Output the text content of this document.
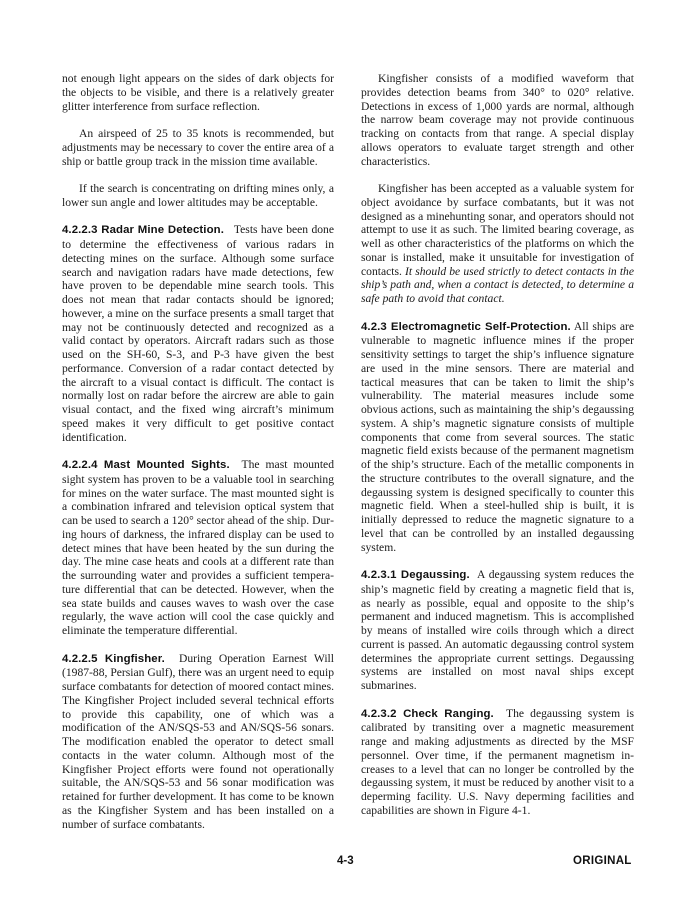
not enough light appears on the sides of dark objects for the objects to be visible, and there is a relatively greater glitter interference from surface reflection.

An airspeed of 25 to 35 knots is recommended, but adjustments may be necessary to cover the entire area of a ship or battle group track in the mission time available.

If the search is concentrating on drifting mines only, a lower sun angle and lower altitudes may be acceptable.

4.2.2.3 Radar Mine Detection. Tests have been done to determine the effectiveness of various radars in detecting mines on the surface. Although some surface search and navigation radars have made detections, few have proven to be dependable mine search tools. This does not mean that radar contacts should be ignored; however, a mine on the surface presents a small target that may not be continuously detected and recognized as a valid contact by operators. Aircraft radars such as those used on the SH-60, S-3, and P-3 have given the best performance. Conversion of a radar contact detected by the aircraft to a visual contact is difficult. The contact is normally lost on radar before the aircrew are able to gain visual contact, and the fixed wing aircraft’s minimum speed makes it very difficult to get positive contact identification.

4.2.2.4 Mast Mounted Sights. The mast mounted sight system has proven to be a valuable tool in searching for mines on the water surface. The mast mounted sight is a combination infrared and television optical system that can be used to search a 120° sector ahead of the ship. During hours of darkness, the infrared display can be used to detect mines that have been heated by the sun during the day. The mine case heats and cools at a different rate than the surrounding water and provides a sufficient temperature differential that can be detected. However, when the sea state builds and causes waves to wash over the case regularly, the wave action will cool the case quickly and eliminate the temperature differential.

4.2.2.5 Kingfisher. During Operation Earnest Will (1987-88, Persian Gulf), there was an urgent need to equip surface combatants for detection of moored contact mines. The Kingfisher Project included several technical efforts to provide this capability, one of which was a modification of the AN/SQS-53 and AN/SQS-56 sonars. The modification enabled the operator to detect small contacts in the water column. Although most of the Kingfisher Project efforts were found not operationally suitable, the AN/SQS-53 and 56 sonar modification was retained for further development. It has come to be known as the Kingfisher System and has been installed on a number of surface combatants.

Kingfisher consists of a modified waveform that provides detection beams from 340° to 020° relative. Detections in excess of 1,000 yards are normal, although the narrow beam coverage may not provide continuous tracking on contacts from that range. A special display allows operators to evaluate target strength and other characteristics.

Kingfisher has been accepted as a valuable system for object avoidance by surface combatants, but it was not designed as a minehunting sonar, and operators should not attempt to use it as such. The limited bearing coverage, as well as other characteristics of the platforms on which the sonar is installed, make it unsuitable for investigation of contacts. It should be used strictly to detect contacts in the ship’s path and, when a contact is detected, to determine a safe path to avoid that contact.

4.2.3 Electromagnetic Self-Protection. All ships are vulnerable to magnetic influence mines if the proper sensitivity settings to target the ship’s influence signature are used in the mine sensors. There are material and tactical measures that can be taken to limit the ship’s vulnerability. The material measures include some obvious actions, such as maintaining the ship’s degaussing system. A ship’s magnetic signature consists of multiple components that come from several sources. The static magnetic field exists because of the permanent magnetism of the ship’s structure. Each of the metallic components in the structure contributes to the overall signature, and the degaussing system is designed specifically to counter this magnetic field. When a steel-hulled ship is built, it is initially depressed to reduce the magnetic signature to a level that can be controlled by an installed degaussing system.

4.2.3.1 Degaussing. A degaussing system reduces the ship’s magnetic field by creating a magnetic field that is, as nearly as possible, equal and opposite to the ship’s permanent and induced magnetism. This is accomplished by means of installed wire coils through which a direct current is passed. An automatic degaussing control system determines the appropriate current settings. Degaussing systems are installed on most naval ships except submarines.

4.2.3.2 Check Ranging. The degaussing system is calibrated by transiting over a magnetic measurement range and making adjustments as directed by the MSF personnel. Over time, if the permanent magnetism increases to a level that can no longer be controlled by the degaussing system, it must be reduced by another visit to a deperming facility. U.S. Navy deperming facilities and capabilities are shown in Figure 4-1.

4-3	ORIGINAL
